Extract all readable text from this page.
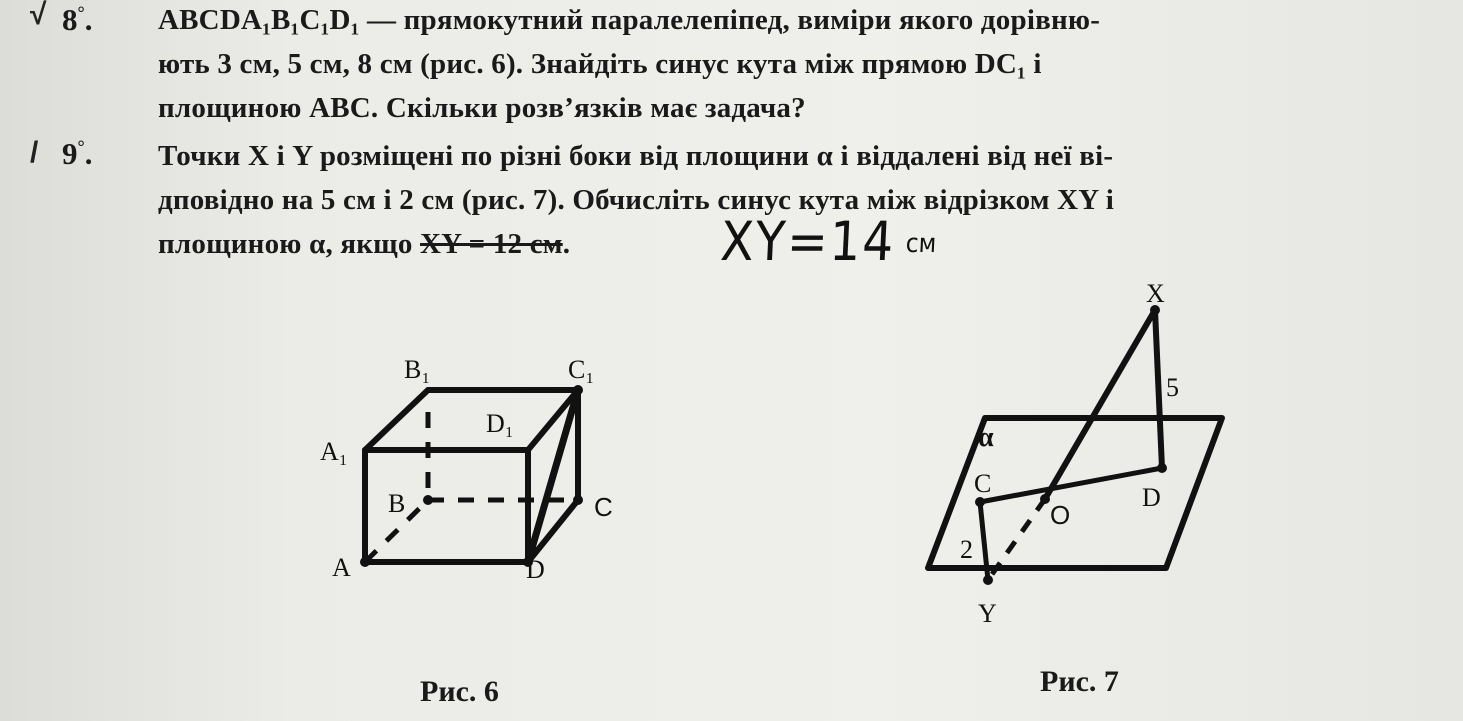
√ 8°. ABCDA₁B₁C₁D₁ — прямокутний паралелепіпед, виміри якого дорівню-
ють 3 см, 5 см, 8 см (рис. 6). Знайдіть синус кута між прямою DC₁ і
площиною ABC. Скільки розв’язків має задача?
/ 9°. Точки X і Y розміщені по різні боки від площини α і віддалені від неї ві-
дповідно на 5 см і 2 см (рис. 7). Обчисліть синус кута між відрізком XY і
площиною α, якщо XY = 12 см.	XY=14 см
B₁	C₁
A₁
D₁
B	C
A	D
Рис. 6
X
5
α
C
O
D
2
Y
Рис. 7
